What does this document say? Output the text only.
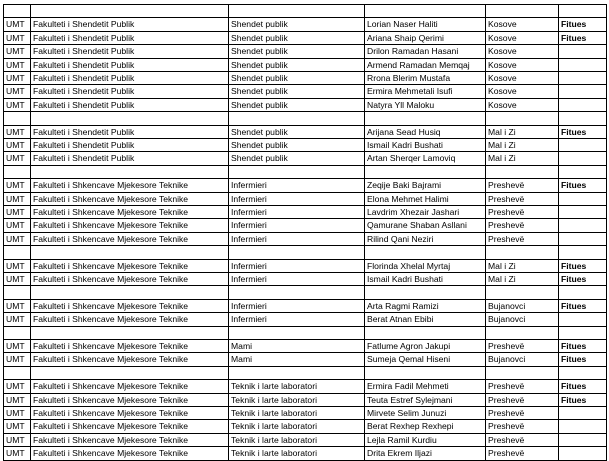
UMT	Fakulteti i Shendetit Publik	Shendet publik	Lorian Naser Haliti	Kosove	Fitues
UMT	Fakulteti i Shendetit Publik	Shendet publik	Ariana Shaip Qerimi	Kosove	Fitues
UMT	Fakulteti i Shendetit Publik	Shendet publik	Drilon Ramadan Hasani	Kosove	
UMT	Fakulteti i Shendetit Publik	Shendet publik	Armend Ramadan Memqaj	Kosove	
UMT	Fakulteti i Shendetit Publik	Shendet publik	Rrona Blerim Mustafa	Kosove	
UMT	Fakulteti i Shendetit Publik	Shendet publik	Ermira Mehmetali Isufi	Kosove	
UMT	Fakulteti i Shendetit Publik	Shendet publik	Natyra Yll Maloku	Kosove	

UMT	Fakulteti i Shendetit Publik	Shendet publik	Arijana Sead Husiq	Mal i Zi	Fitues
UMT	Fakulteti i Shendetit Publik	Shendet publik	Ismail Kadri Bushati	Mal i Zi	
UMT	Fakulteti i Shendetit Publik	Shendet publik	Artan Sherqer Lamoviq	Mal i Zi	

UMT	Fakulteti i Shkencave Mjekesore Teknike	Infermieri	Zeqije Baki Bajrami	Preshevë	Fitues
UMT	Fakulteti i Shkencave Mjekesore Teknike	Infermieri	Elona Mehmet Halimi	Preshevë	
UMT	Fakulteti i Shkencave Mjekesore Teknike	Infermieri	Lavdrim Xhezair Jashari	Preshevë	
UMT	Fakulteti i Shkencave Mjekesore Teknike	Infermieri	Qamurane Shaban Asllani	Preshevë	
UMT	Fakulteti i Shkencave Mjekesore Teknike	Infermieri	Rilind Qani Neziri	Preshevë	

UMT	Fakulteti i Shkencave Mjekesore Teknike	Infermieri	Florinda Xhelal Myrtaj	Mal i Zi	Fitues
UMT	Fakulteti i Shkencave Mjekesore Teknike	Infermieri	Ismail Kadri Bushati	Mal i Zi	Fitues

UMT	Fakulteti i Shkencave Mjekesore Teknike	Infermieri	Arta Ragmi Ramizi	Bujanovci	Fitues
UMT	Fakulteti i Shkencave Mjekesore Teknike	Infermieri	Berat Atnan Ebibi	Bujanovci	

UMT	Fakulteti i Shkencave Mjekesore Teknike	Mami	Fatlume Agron Jakupi	Preshevë	Fitues
UMT	Fakulteti i Shkencave Mjekesore Teknike	Mami	Sumeja Qemal Hiseni	Bujanovci	Fitues

UMT	Fakulteti i Shkencave Mjekesore Teknike	Teknik i larte laboratori	Ermira Fadil Mehmeti	Preshevë	Fitues
UMT	Fakulteti i Shkencave Mjekesore Teknike	Teknik i larte laboratori	Teuta Estref Sylejmani	Preshevë	Fitues
UMT	Fakulteti i Shkencave Mjekesore Teknike	Teknik i larte laboratori	Mirvete Selim Junuzi	Preshevë	
UMT	Fakulteti i Shkencave Mjekesore Teknike	Teknik i larte laboratori	Berat Rexhep Rexhepi	Preshevë	
UMT	Fakulteti i Shkencave Mjekesore Teknike	Teknik i larte laboratori	Lejla Ramil Kurdiu	Preshevë	
UMT	Fakulteti i Shkencave Mjekesore Teknike	Teknik i larte laboratori	Drita Ekrem Iljazi	Preshevë	
